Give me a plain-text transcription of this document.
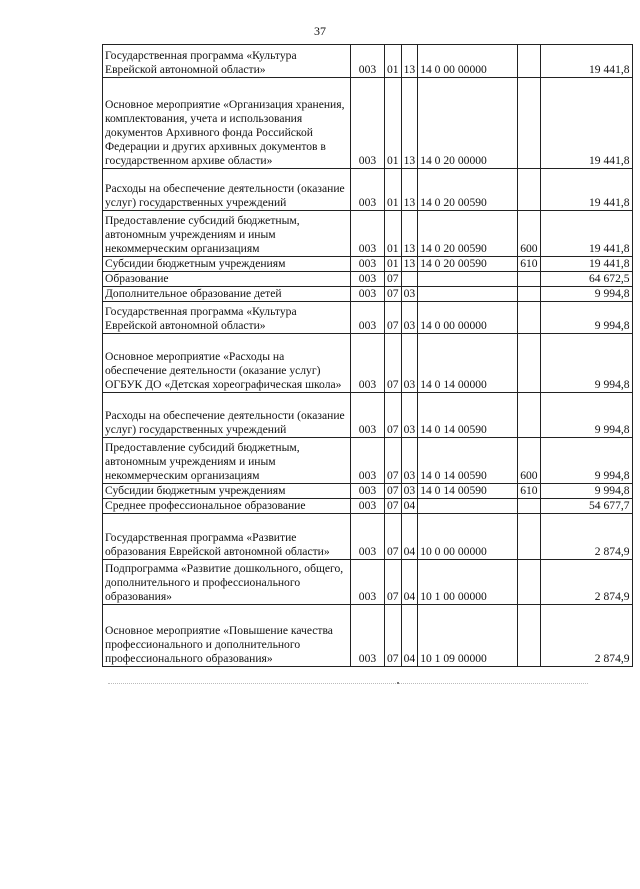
37
Государственная программа «Культура Еврейской автономной области»	003	01	13	14 0 00 00000		19 441,8
Основное мероприятие «Организация хранения, комплектования, учета и использования документов Архивного фонда Российской Федерации и других архивных документов в государственном архиве области»	003	01	13	14 0 20 00000		19 441,8
Расходы на обеспечение деятельности (оказание услуг) государственных учреждений	003	01	13	14 0 20 00590		19 441,8
Предоставление субсидий бюджетным, автономным учреждениям и иным некоммерческим организациям	003	01	13	14 0 20 00590	600	19 441,8
Субсидии бюджетным учреждениям	003	01	13	14 0 20 00590	610	19 441,8
Образование	003	07				64 672,5
Дополнительное образование детей	003	07	03			9 994,8
Государственная программа «Культура Еврейской автономной области»	003	07	03	14 0 00 00000		9 994,8
Основное мероприятие «Расходы на обеспечение деятельности (оказание услуг) ОГБУК ДО «Детская хореографическая школа»	003	07	03	14 0 14 00000		9 994,8
Расходы на обеспечение деятельности (оказание услуг) государственных учреждений	003	07	03	14 0 14 00590		9 994,8
Предоставление субсидий бюджетным, автономным учреждениям и иным некоммерческим организациям	003	07	03	14 0 14 00590	600	9 994,8
Субсидии бюджетным учреждениям	003	07	03	14 0 14 00590	610	9 994,8
Среднее профессиональное образование	003	07	04			54 677,7
Государственная программа «Развитие образования Еврейской автономной области»	003	07	04	10 0 00 00000		2 874,9
Подпрограмма «Развитие дошкольного, общего, дополнительного и профессионального образования»	003	07	04	10 1 00 00000		2 874,9
Основное мероприятие «Повышение качества профессионального и дополнительного профессионального образования»	003	07	04	10 1 09 00000		2 874,9
